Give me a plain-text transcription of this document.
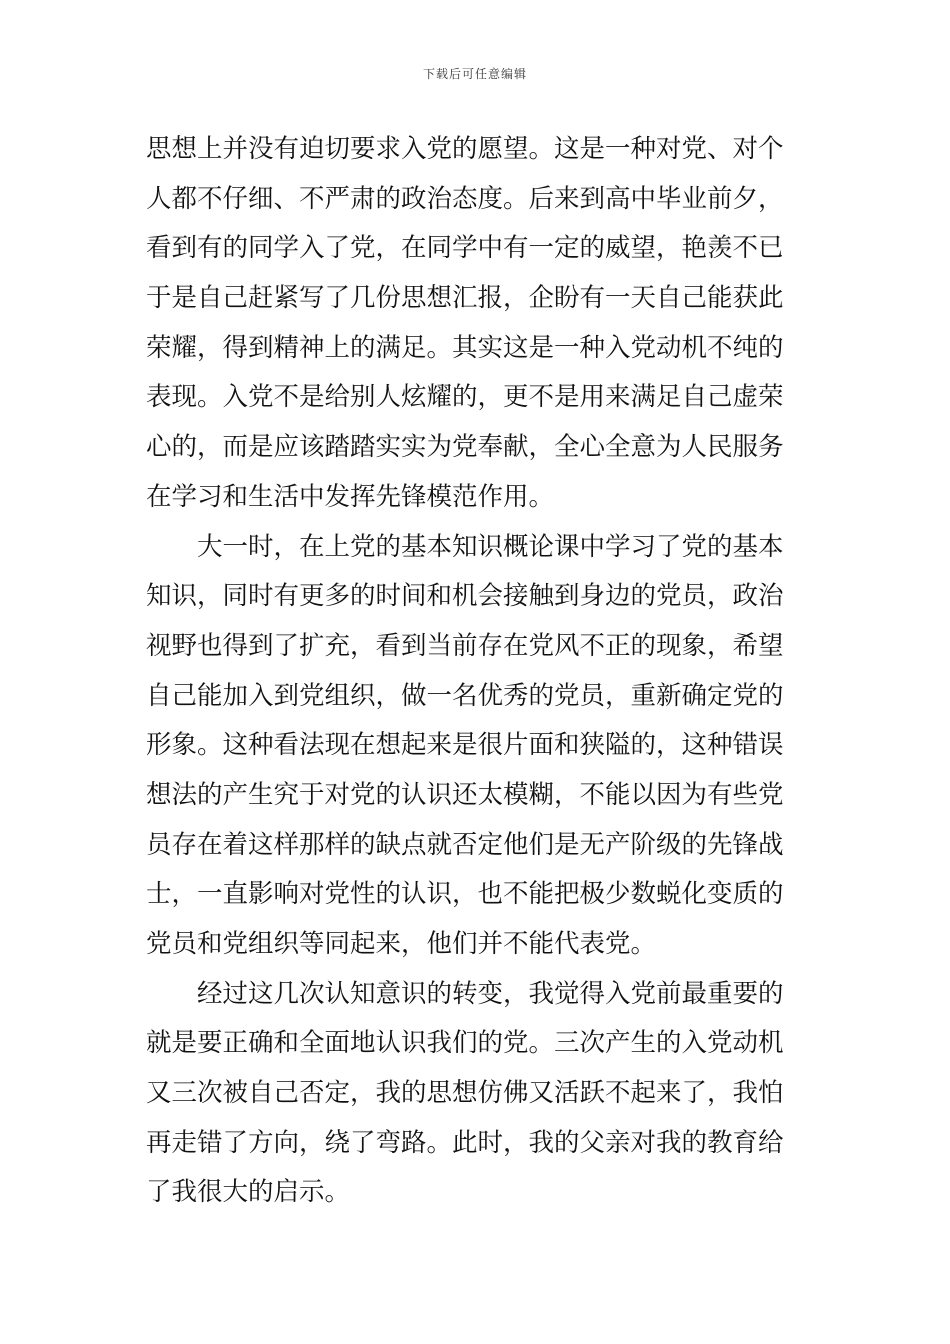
下载后可任意编辑
思想上并没有迫切要求入党的愿望。这是一种对党、对个
人都不仔细、不严肃的政治态度。后来到高中毕业前夕，
看到有的同学入了党，在同学中有一定的威望，艳羡不已
于是自己赶紧写了几份思想汇报，企盼有一天自己能获此
荣耀，得到精神上的满足。其实这是一种入党动机不纯的
表现。入党不是给别人炫耀的，更不是用来满足自己虚荣
心的，而是应该踏踏实实为党奉献，全心全意为人民服务
在学习和生活中发挥先锋模范作用。
　　大一时，在上党的基本知识概论课中学习了党的基本
知识，同时有更多的时间和机会接触到身边的党员，政治
视野也得到了扩充，看到当前存在党风不正的现象，希望
自己能加入到党组织，做一名优秀的党员，重新确定党的
形象。这种看法现在想起来是很片面和狭隘的，这种错误
想法的产生究于对党的认识还太模糊，不能以因为有些党
员存在着这样那样的缺点就否定他们是无产阶级的先锋战
士，一直影响对党性的认识，也不能把极少数蜕化变质的
党员和党组织等同起来，他们并不能代表党。
　　经过这几次认知意识的转变，我觉得入党前最重要的
就是要正确和全面地认识我们的党。三次产生的入党动机
又三次被自己否定，我的思想仿佛又活跃不起来了，我怕
再走错了方向，绕了弯路。此时，我的父亲对我的教育给
了我很大的启示。
